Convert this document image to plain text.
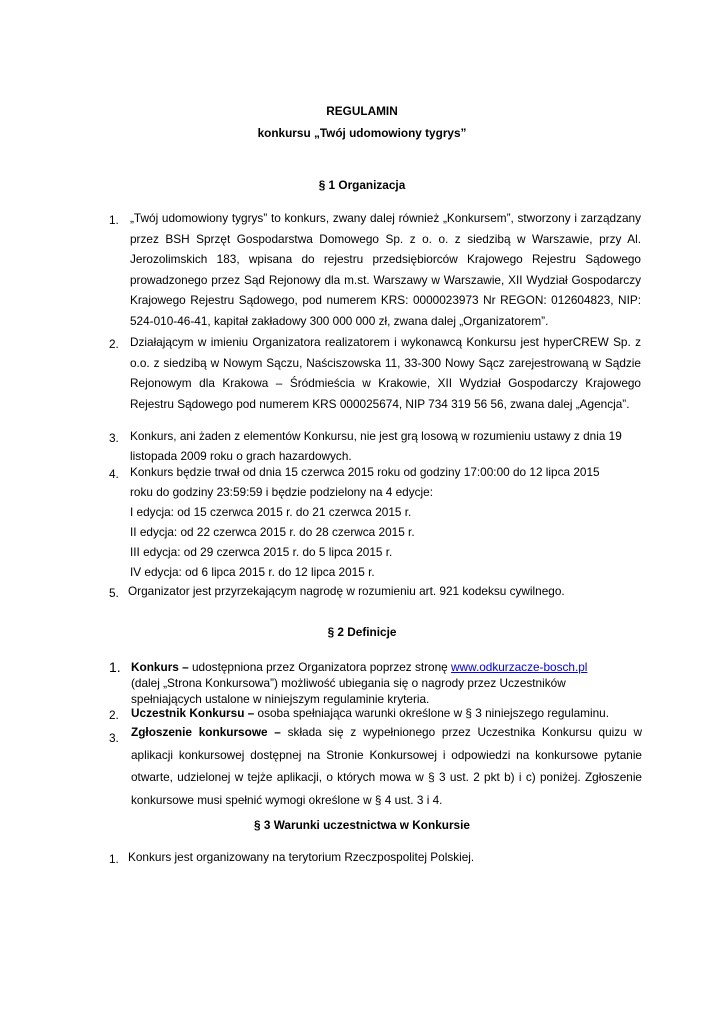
REGULAMIN
konkursu „Twój udomowiony tygrys”
§ 1 Organizacja
1. „Twój udomowiony tygrys” to konkurs, zwany dalej również „Konkursem”, stworzony i zarządzany przez BSH Sprzęt Gospodarstwa Domowego Sp. z o. o. z siedzibą w Warszawie, przy Al. Jerozolimskich 183, wpisana do rejestru przedsiębiorców Krajowego Rejestru Sądowego prowadzonego przez Sąd Rejonowy dla m.st. Warszawy w Warszawie, XII Wydział Gospodarczy Krajowego Rejestru Sądowego, pod numerem KRS: 0000023973 Nr REGON: 012604823, NIP: 524-010-46-41, kapitał zakładowy 300 000 000 zł, zwana dalej „Organizatorem”.
2. Działającym w imieniu Organizatora realizatorem i wykonawcą Konkursu jest hyperCREW Sp. z o.o. z siedzibą w Nowym Sączu, Naściszowska 11, 33-300 Nowy Sącz zarejestrowaną w Sądzie Rejonowym dla Krakowa – Śródmieścia w Krakowie, XII Wydział Gospodarczy Krajowego Rejestru Sądowego pod numerem KRS 000025674, NIP 734 319 56 56, zwana dalej „Agencja”.
3. Konkurs, ani żaden z elementów Konkursu, nie jest grą losową w rozumieniu ustawy z dnia 19
listopada 2009 roku o grach hazardowych.
4. Konkurs będzie trwał od dnia 15 czerwca 2015 roku od godziny 17:00:00 do 12 lipca 2015
roku do godziny 23:59:59 i będzie podzielony na 4 edycje:
I edycja: od 15 czerwca 2015 r. do 21 czerwca 2015 r.
II edycja: od 22 czerwca 2015 r. do 28 czerwca 2015 r.
III edycja: od 29 czerwca 2015 r. do 5 lipca 2015 r.
IV edycja: od 6 lipca 2015 r. do 12 lipca 2015 r.
5. Organizator jest przyrzekającym nagrodę w rozumieniu art. 921 kodeksu cywilnego.
§ 2 Definicje
1. Konkurs – udostępniona przez Organizatora poprzez stronę www.odkurzacze-bosch.pl
(dalej „Strona Konkursowa”) możliwość ubiegania się o nagrody przez Uczestników
spełniających ustalone w niniejszym regulaminie kryteria.
2. Uczestnik Konkursu – osoba spełniająca warunki określone w § 3 niniejszego regulaminu.
3. Zgłoszenie konkursowe – składa się z wypełnionego przez Uczestnika Konkursu quizu w aplikacji konkursowej dostępnej na Stronie Konkursowej i odpowiedzi na konkursowe pytanie otwarte, udzielonej w tejże aplikacji, o których mowa w § 3 ust. 2 pkt b) i c) poniżej. Zgłoszenie konkursowe musi spełnić wymogi określone w § 4 ust. 3 i 4.
§ 3 Warunki uczestnictwa w Konkursie
1. Konkurs jest organizowany na terytorium Rzeczpospolitej Polskiej.
